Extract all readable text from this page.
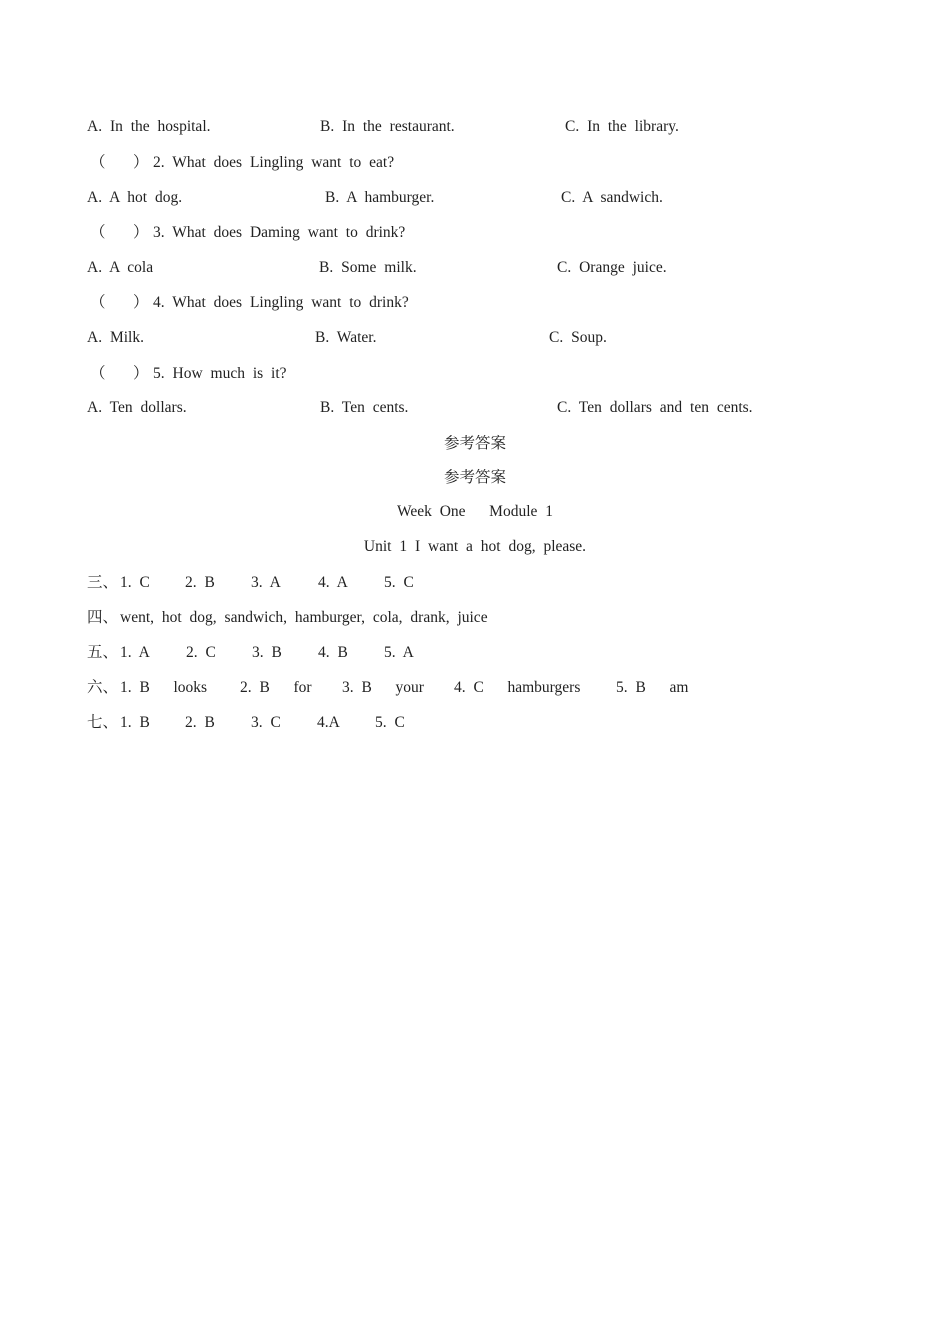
A. In the hospital.

	B. In the restaurant.

	C. In the library.

（

）

2. What does Lingling want to eat?

A. A hot dog.

	B. A hamburger.

	C. A sandwich.

（

）

3. What does Daming want to drink?

A. A cola

	B. Some milk.

	C. Orange juice.

（

）

4. What does Lingling want to drink?

A. Milk.

	B. Water.

	C. Soup.

（

）

5. How much is it?

A. Ten dollars.

	B. Ten cents.

	C. Ten dollars and ten cents.

参考答案
参考答案
Week One   Module 1
Unit 1 I want a hot dog, please.

三、

1. C

2. B

3. A

4. A

5. C

四、

went, hot dog, sandwich, hamburger, cola, drank, juice

五、

1. A

2. C

3. B

4. B

5. A

六、

1. B   looks

2. B   for

3. B   your

4. C   hamburgers

5. B   am

七、

1. B

2. B

3. C

4.A

5. C
